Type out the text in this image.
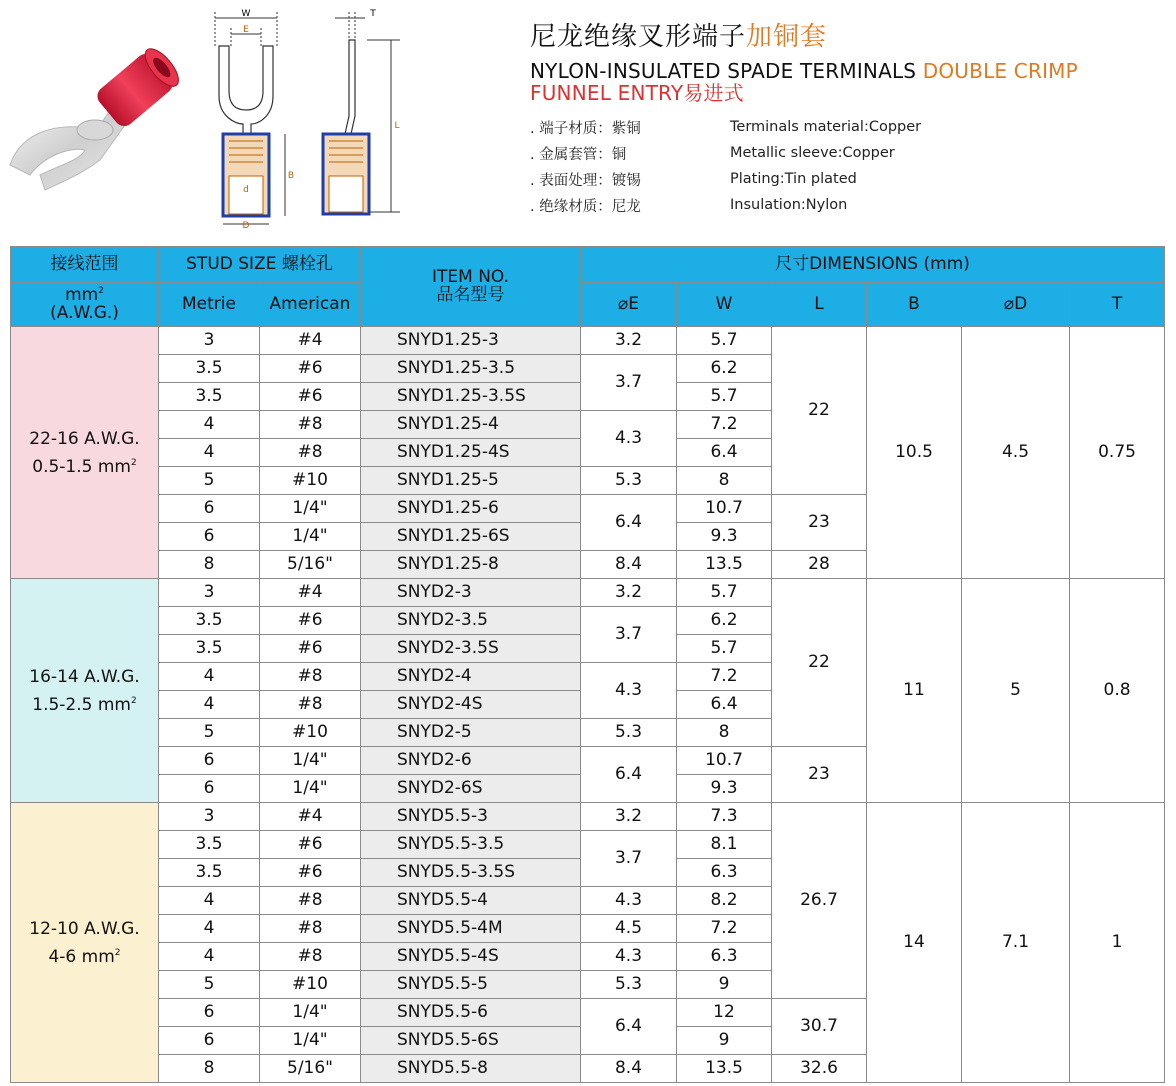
W
E
d
B
D
T
L
尼龙绝缘叉形端子加铜套
NYLON-INSULATED SPADE TERMINALS DOUBLE CRIMP
FUNNEL ENTRY易进式
. 端子材质：紫铜	Terminals material:Copper
. 金属套管：铜	Metallic sleeve:Copper
. 表面处理：镀锡	Plating:Tin plated
. 绝缘材质：尼龙	Insulation:Nylon
接线范围	STUD SIZE 螺栓孔		ITEM NO.
品名型号	尺寸DIMENSIONS (mm)					

$mm^2$
(A.W.G.)	Metrie	American		⌀E	W	L	B	⌀D	T

22-16 A.W.G.
0.5-1.5 $mm^2$	3	#4	SNYD1.25-3	3.2	5.7	22	10.5	4.5	0.75
	3.5	#6	SNYD1.25-3.5	3.7	6.2				
	3.5	#6	SNYD1.25-3.5S		5.7				
	4	#8	SNYD1.25-4	4.3	7.2				
	4	#8	SNYD1.25-4S		6.4				
	5	#10	SNYD1.25-5	5.3	8				
	6	1/4"	SNYD1.25-6	6.4	10.7	23			
	6	1/4"	SNYD1.25-6S		9.3				
	8	5/16"	SNYD1.25-8	8.4	13.5	28			

16-14 A.W.G.
1.5-2.5 $mm^2$	3	#4	SNYD2-3	3.2	5.7	22	11	5	0.8
	3.5	#6	SNYD2-3.5	3.7	6.2				
	3.5	#6	SNYD2-3.5S		5.7				
	4	#8	SNYD2-4	4.3	7.2				
	4	#8	SNYD2-4S		6.4				
	5	#10	SNYD2-5	5.3	8				
	6	1/4"	SNYD2-6	6.4	10.7	23			
	6	1/4"	SNYD2-6S		9.3				

12-10 A.W.G.
4-6 $mm^2$	3	#4	SNYD5.5-3	3.2	7.3	26.7	14	7.1	1
	3.5	#6	SNYD5.5-3.5	3.7	8.1				
	3.5	#6	SNYD5.5-3.5S		6.3				
	4	#8	SNYD5.5-4	4.3	8.2				
	4	#8	SNYD5.5-4M	4.5	7.2				
	4	#8	SNYD5.5-4S	4.3	6.3				
	5	#10	SNYD5.5-5	5.3	9				
	6	1/4"	SNYD5.5-6	6.4	12	30.7			
	6	1/4"	SNYD5.5-6S		9				
	8	5/16"	SNYD5.5-8	8.4	13.5	32.6			
